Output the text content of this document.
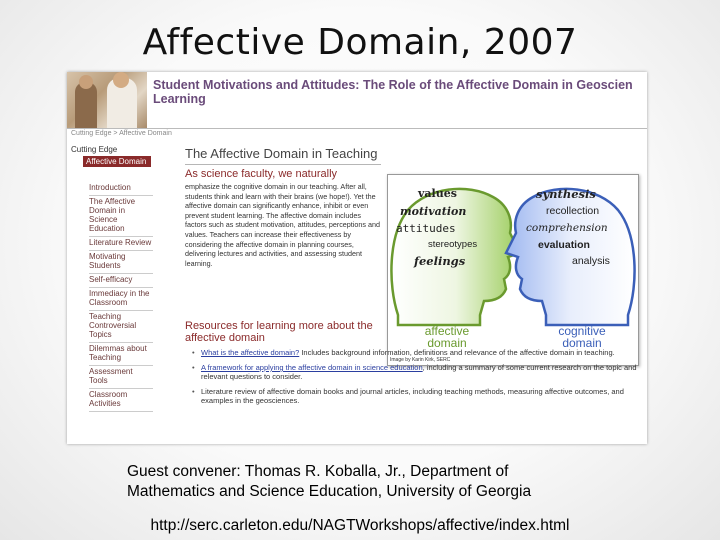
Affective Domain, 2007
Student Motivations and Attitudes: The Role of the Affective Domain in Geoscien
Learning
Cutting Edge > Affective Domain
Cutting Edge
Affective Domain
Introduction
The Affective Domain in Science Education
Literature Review
Motivating Students
Self-efficacy
Immediacy in the Classroom
Teaching Controversial Topics
Dilemmas about Teaching
Assessment Tools
Classroom Activities
The Affective Domain in Teaching
As science faculty, we naturally
emphasize the cognitive domain in our teaching. After all, students think and learn with their brains (we hope!). Yet the affective domain can significantly enhance, inhibit or even prevent student learning. The affective domain includes factors such as student motivation, attitudes, perceptions and values. Teachers can increase their effectiveness by considering the affective domain in planning courses, delivering lectures and activities, and assessing student learning.
values
motivation
attitudes
stereotypes
feelings
synthesis
recollection
comprehension
evaluation
analysis
affective
domain
cognitive
domain
Image by Karin Kirk, SERC
Resources for learning more about the affective domain
• What is the affective domain? Includes background information, definitions and relevance of the affective domain in teaching.
• A framework for applying the affective domain in science education, including a summary of some current research on the topic and relevant questions to consider.
• Literature review of affective domain books and journal articles, including teaching methods, measuring affective outcomes, and examples in the geosciences.
Guest convener: Thomas R. Koballa, Jr., Department of
Mathematics and Science Education, University of Georgia
http://serc.carleton.edu/NAGTWorkshops/affective/index.html
